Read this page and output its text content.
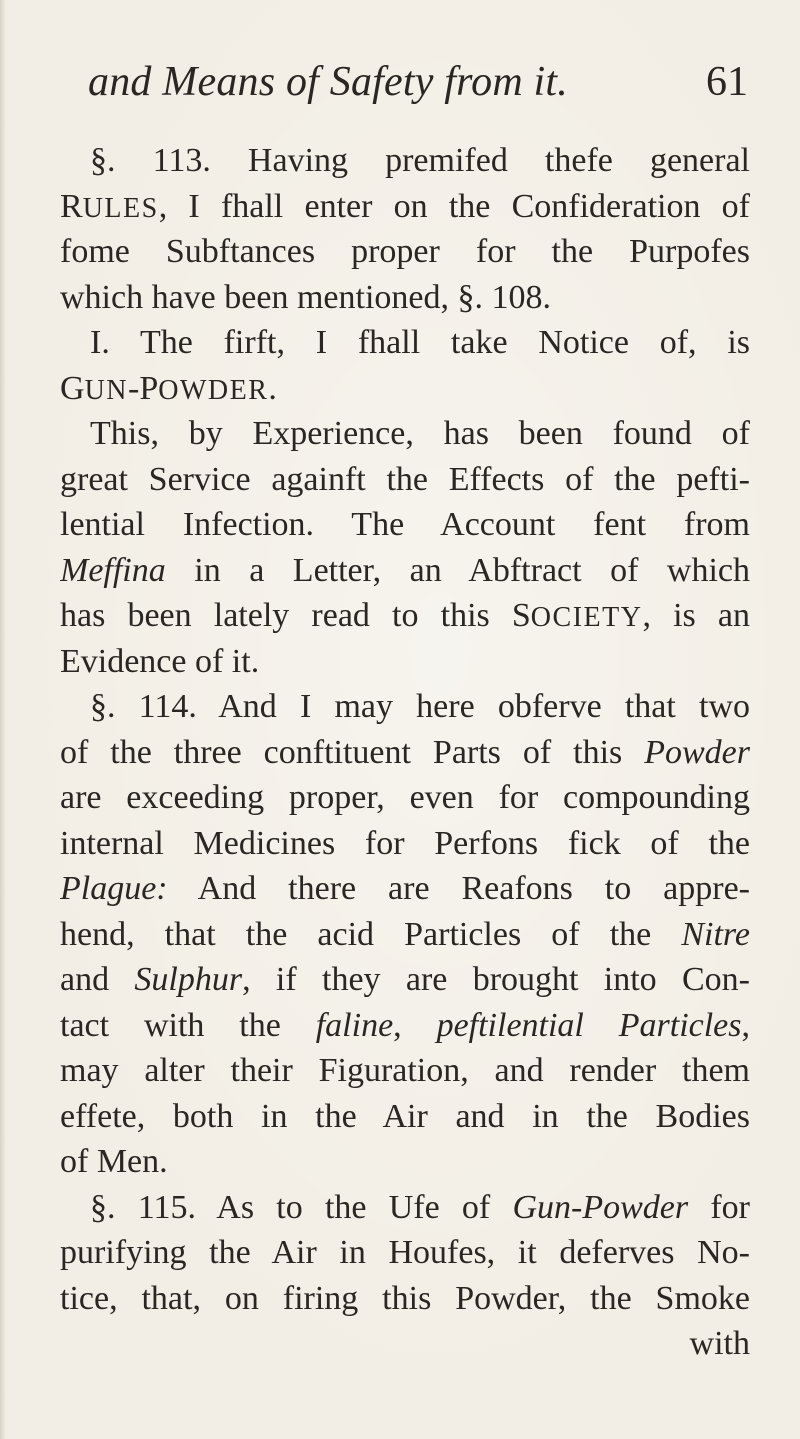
and Means of Safety from it.	61
§. 113. Having premifed thefe general
RULES, I fhall enter on the Confideration of
fome Subftances proper for the Purpofes
which have been mentioned, §. 108.
I. The firft, I fhall take Notice of, is
GUN-POWDER.
This, by Experience, has been found of
great Service againft the Effects of the pefti-
lential Infection. The Account fent from
Meffina in a Letter, an Abftract of which
has been lately read to this SOCIETY, is an
Evidence of it.
§. 114. And I may here obferve that two
of the three conftituent Parts of this Powder
are exceeding proper, even for compounding
internal Medicines for Perfons fick of the
Plague: And there are Reafons to appre-
hend, that the acid Particles of the Nitre
and Sulphur, if they are brought into Con-
tact with the faline, peftilential Particles,
may alter their Figuration, and render them
effete, both in the Air and in the Bodies
of Men.
§. 115. As to the Ufe of Gun-Powder for
purifying the Air in Houfes, it deferves No-
tice, that, on firing this Powder, the Smoke
with
